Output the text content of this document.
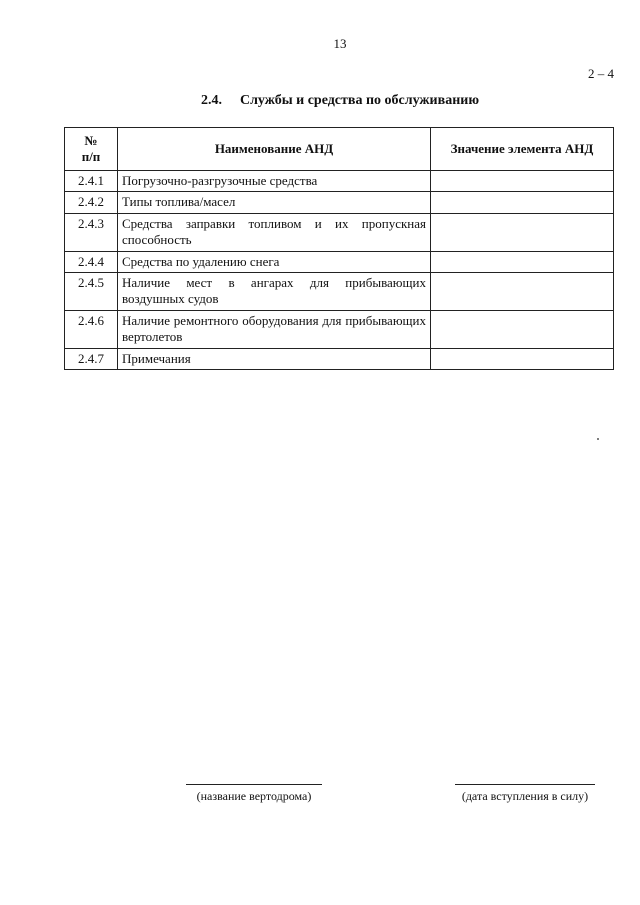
13
2 – 4
2.4. Службы и средства по обслуживанию
№
п/п	Наименование АНД	Значение элемента АНД
2.4.1	Погрузочно-разгрузочные средства	
2.4.2	Типы топлива/масел	
2.4.3	Средства заправки топливом и их пропускная способность	
2.4.4	Средства по удалению снега	
2.4.5	Наличие мест в ангарах для прибывающих воздушных судов	
2.4.6	Наличие ремонтного оборудования для прибывающих вертолетов	
2.4.7	Примечания	
(название вертодрома)	(дата вступления в силу)
